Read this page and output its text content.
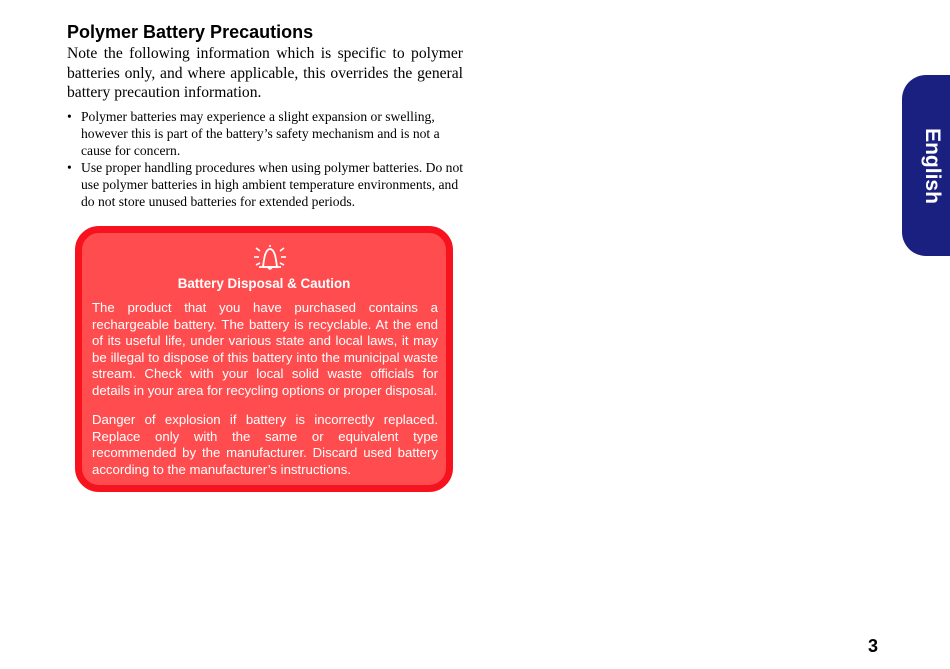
Polymer Battery Precautions

Note the following information which is specific to polymer batteries only, and where applicable, this overrides the general battery precaution information.

• Polymer batteries may experience a slight expansion or swelling, however this is part of the battery’s safety mechanism and is not a cause for concern.
• Use proper handling procedures when using polymer batteries. Do not use polymer batteries in high ambient temperature environments, and do not store unused batteries for extended periods.
Battery Disposal & Caution

The product that you have purchased contains a rechargeable battery. The battery is recyclable. At the end of its useful life, under various state and local laws, it may be illegal to dispose of this battery into the municipal waste stream. Check with your local solid waste officials for details in your area for recycling options or proper disposal.

Danger of explosion if battery is incorrectly replaced. Replace only with the same or equivalent type recommended by the manufacturer. Discard used battery according to the manufacturer’s instructions.

English
3
